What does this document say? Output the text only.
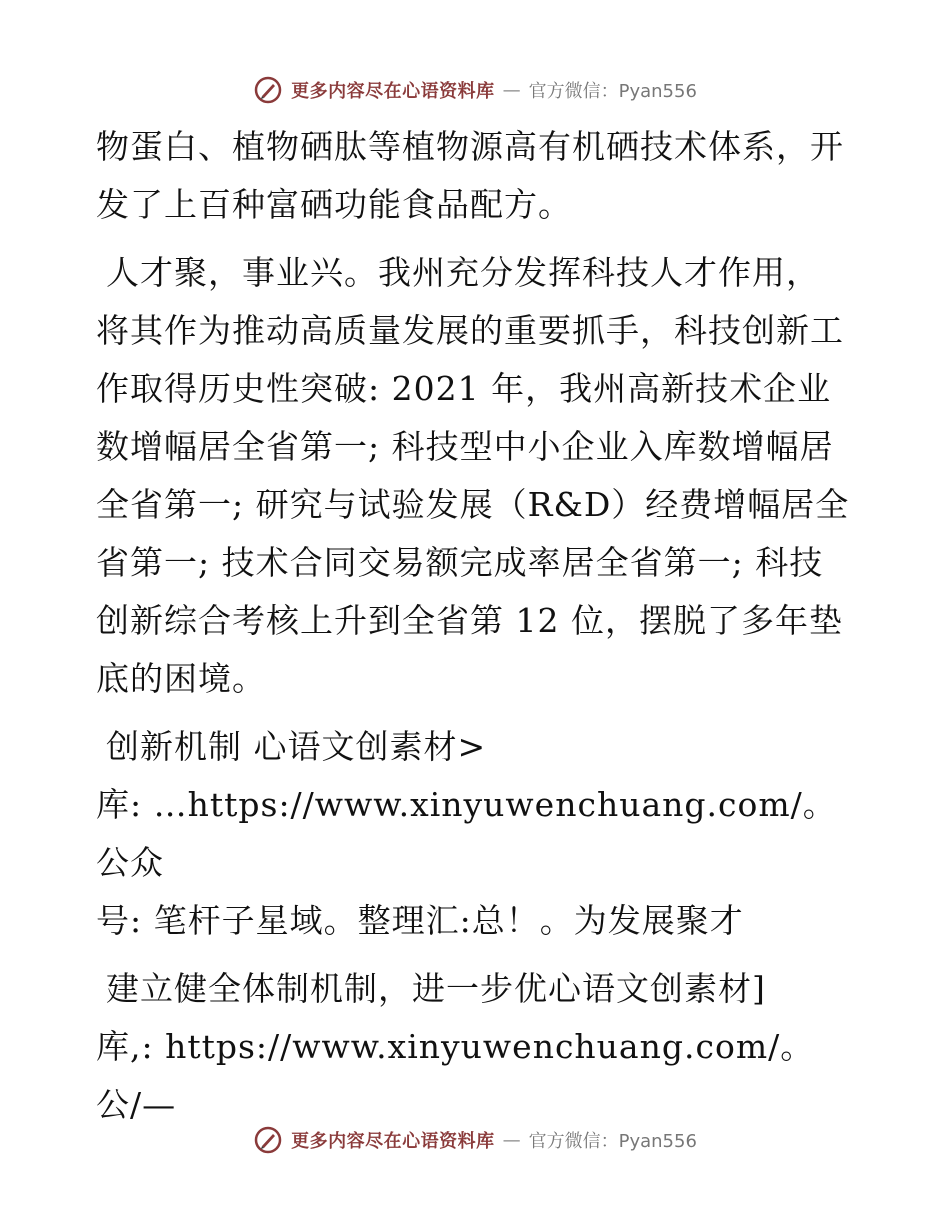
更多内容尽在心语资料库 — 官方微信：Pyan556

物蛋白、植物硒肽等植物源高有机硒技术体系，开

发了上百种富硒功能食品配方。

人才聚，事业兴。我州充分发挥科技人才作用，

将其作为推动高质量发展的重要抓手，科技创新工

作取得历史性突破: 2021 年，我州高新技术企业

数增幅居全省第一; 科技型中小企业入库数增幅居

全省第一; 研究与试验发展（R&D）经费增幅居全

省第一; 技术合同交易额完成率居全省第一; 科技

创新综合考核上升到全省第 12 位，摆脱了多年垫

底的困境。

创新机制 心语文创素材>

库: …https://www.xinyuwenchuang.com/。公众

号: 笔杆子星域。整理汇:总！。为发展聚才

建立健全体制机制，进一步优心语文创素材]

库,: https://www.xinyuwenchuang.com/。公/—

更多内容尽在心语资料库 — 官方微信：Pyan556
